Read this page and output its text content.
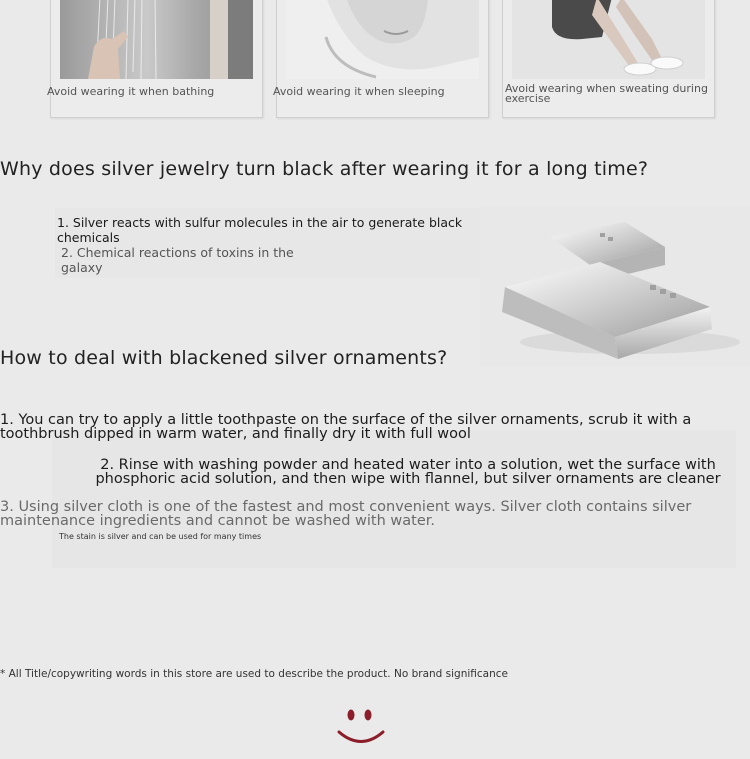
Avoid wearing it when bathing	Avoid wearing it when sleeping	Avoid wearing when sweating during exercise
Why does silver jewelry turn black after wearing it for a long time?
1. Silver reacts with sulfur molecules in the air to generate black chemicals
2. Chemical reactions of toxins in the galaxy
How to deal with blackened silver ornaments?
1. You can try to apply a little toothpaste on the surface of the silver ornaments, scrub it with a toothbrush dipped in warm water, and finally dry it with full wool
2. Rinse with washing powder and heated water into a solution, wet the surface with phosphoric acid solution, and then wipe with flannel, but silver ornaments are cleaner
3. Using silver cloth is one of the fastest and most convenient ways. Silver cloth contains silver maintenance ingredients and cannot be washed with water.
The stain is silver and can be used for many times
* All Title/copywriting words in this store are used to describe the product. No brand significance
